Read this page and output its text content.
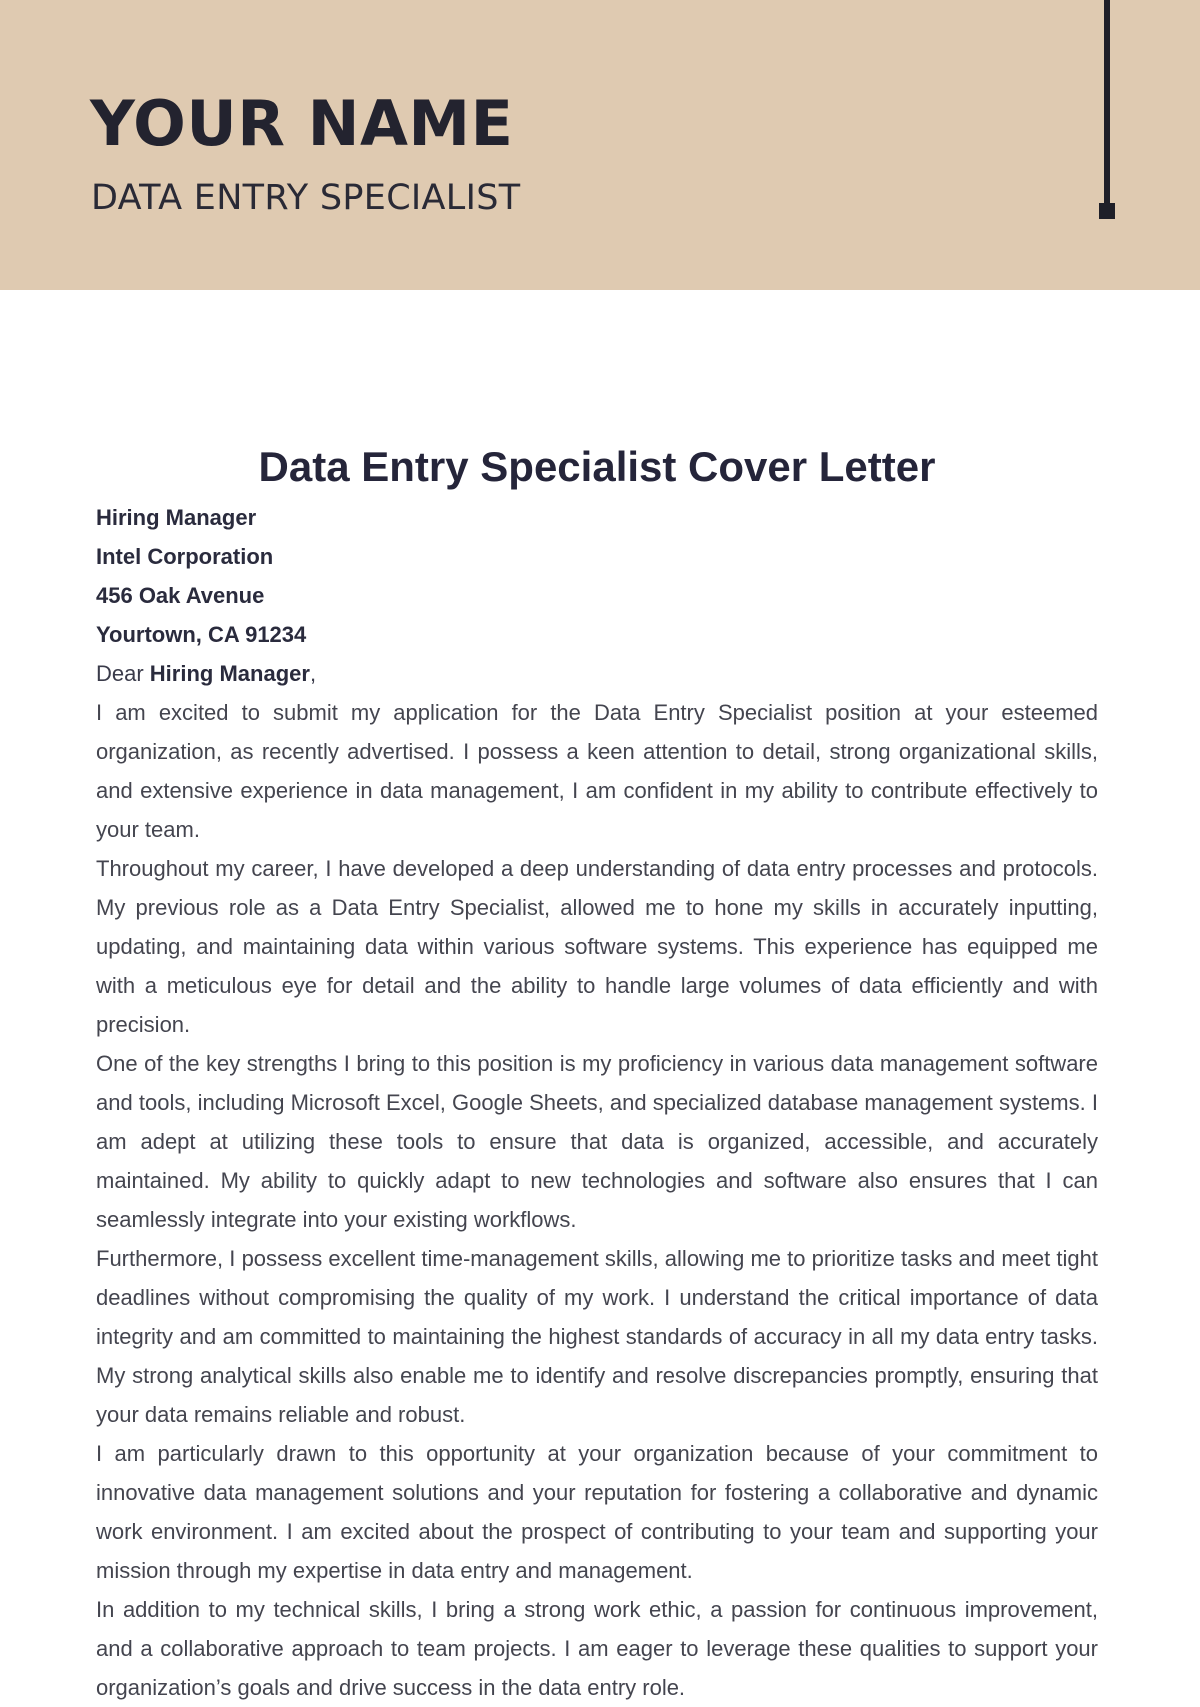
YOUR NAME

DATA ENTRY SPECIALIST

Data Entry Specialist Cover Letter

Hiring Manager

Intel Corporation

456 Oak Avenue

Yourtown, CA 91234

Dear Hiring Manager,

I am excited to submit my application for the Data Entry Specialist position at your esteemed organization, as recently advertised. I possess a keen attention to detail, strong organizational skills, and extensive experience in data management, I am confident in my ability to contribute effectively to your team.

Throughout my career, I have developed a deep understanding of data entry processes and protocols. My previous role as a Data Entry Specialist, allowed me to hone my skills in accurately inputting, updating, and maintaining data within various software systems. This experience has equipped me with a meticulous eye for detail and the ability to handle large volumes of data efficiently and with precision.

One of the key strengths I bring to this position is my proficiency in various data management software and tools, including Microsoft Excel, Google Sheets, and specialized database management systems. I am adept at utilizing these tools to ensure that data is organized, accessible, and accurately maintained. My ability to quickly adapt to new technologies and software also ensures that I can seamlessly integrate into your existing workflows.

Furthermore, I possess excellent time-management skills, allowing me to prioritize tasks and meet tight deadlines without compromising the quality of my work. I understand the critical importance of data integrity and am committed to maintaining the highest standards of accuracy in all my data entry tasks. My strong analytical skills also enable me to identify and resolve discrepancies promptly, ensuring that your data remains reliable and robust.

I am particularly drawn to this opportunity at your organization because of your commitment to innovative data management solutions and your reputation for fostering a collaborative and dynamic work environment. I am excited about the prospect of contributing to your team and supporting your mission through my expertise in data entry and management.

In addition to my technical skills, I bring a strong work ethic, a passion for continuous improvement, and a collaborative approach to team projects. I am eager to leverage these qualities to support your organization’s goals and drive success in the data entry role.
